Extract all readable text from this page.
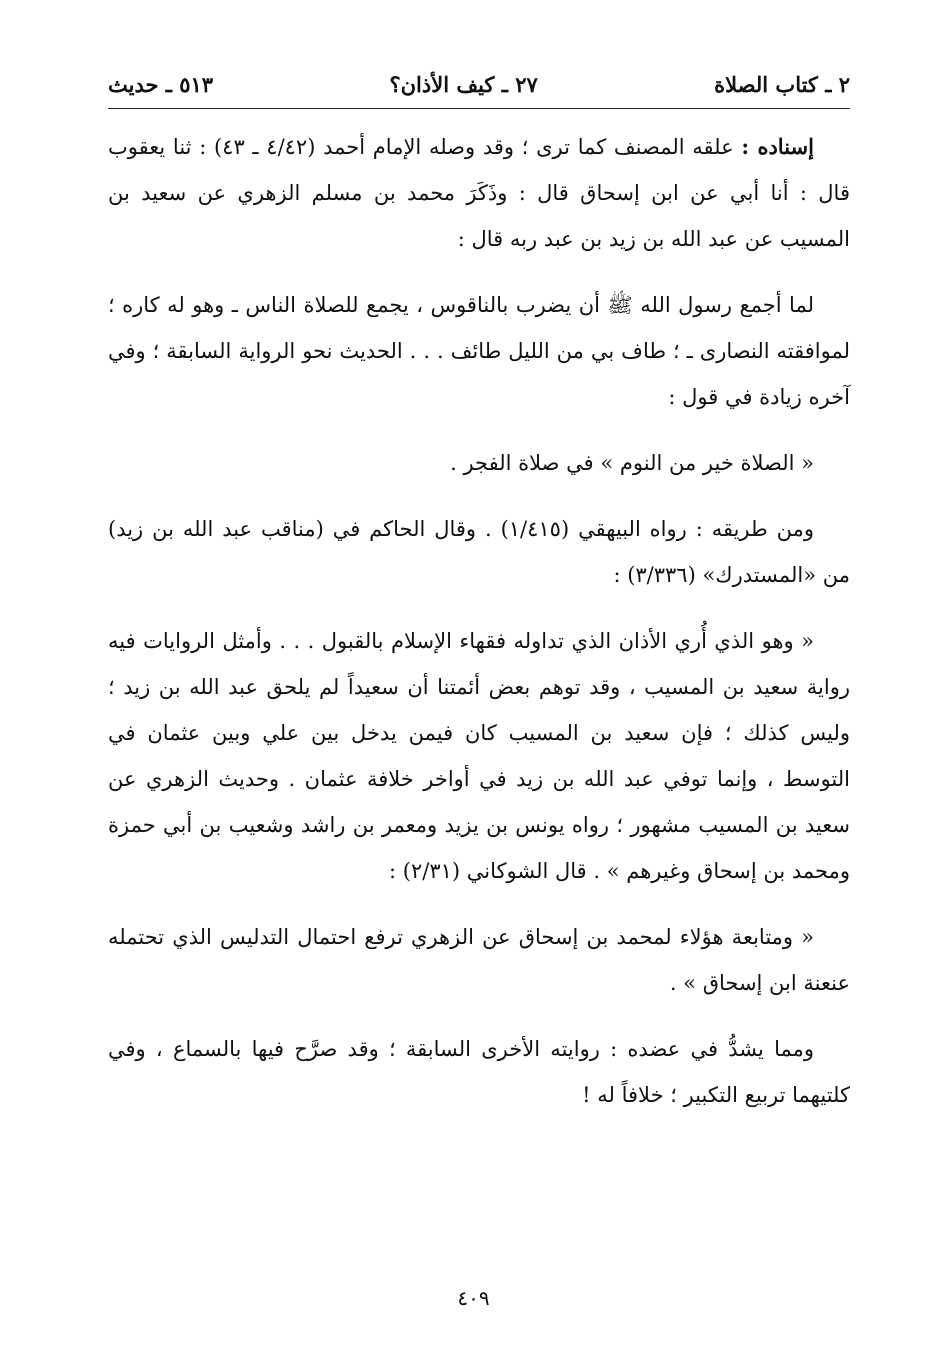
٢ ـ كتاب الصلاة
٢٧ ـ كيف الأذان؟
٥١٣ ـ حديث

إسناده : علقه المصنف كما ترى ؛ وقد وصله الإمام أحمد (٤/٤٢ ـ ٤٣) : ثنا يعقوب قال : أنا أبي عن ابن إسحاق قال : وذَكَرَ محمد بن مسلم الزهري عن سعيد بن المسيب عن عبد الله بن زيد بن عبد ربه قال :

لما أجمع رسول الله ﷺ أن يضرب بالناقوس ، يجمع للصلاة الناس ـ وهو له كاره ؛ لموافقته النصارى ـ ؛ طاف بي من الليل طائف . . . الحديث نحو الرواية السابقة ؛ وفي آخره زيادة في قول :

« الصلاة خير من النوم » في صلاة الفجر .

ومن طريقه : رواه البيهقي (١/٤١٥) . وقال الحاكم في (مناقب عبد الله بن زيد) من «المستدرك» (٣/٣٣٦) :

« وهو الذي أُري الأذان الذي تداوله فقهاء الإسلام بالقبول . . . وأمثل الروايات فيه رواية سعيد بن المسيب ، وقد توهم بعض أئمتنا أن سعيداً لم يلحق عبد الله بن زيد ؛ وليس كذلك ؛ فإن سعيد بن المسيب كان فيمن يدخل بين علي وبين عثمان في التوسط ، وإنما توفي عبد الله بن زيد في أواخر خلافة عثمان . وحديث الزهري عن سعيد بن المسيب مشهور ؛ رواه يونس بن يزيد ومعمر بن راشد وشعيب بن أبي حمزة ومحمد بن إسحاق وغيرهم » . قال الشوكاني (٢/٣١) :

« ومتابعة هؤلاء لمحمد بن إسحاق عن الزهري ترفع احتمال التدليس الذي تحتمله عنعنة ابن إسحاق » .

ومما يشدُّ في عضده : روايته الأخرى السابقة ؛ وقد صرَّح فيها بالسماع ، وفي كلتيهما تربيع التكبير ؛ خلافاً له !

٤٠٩
